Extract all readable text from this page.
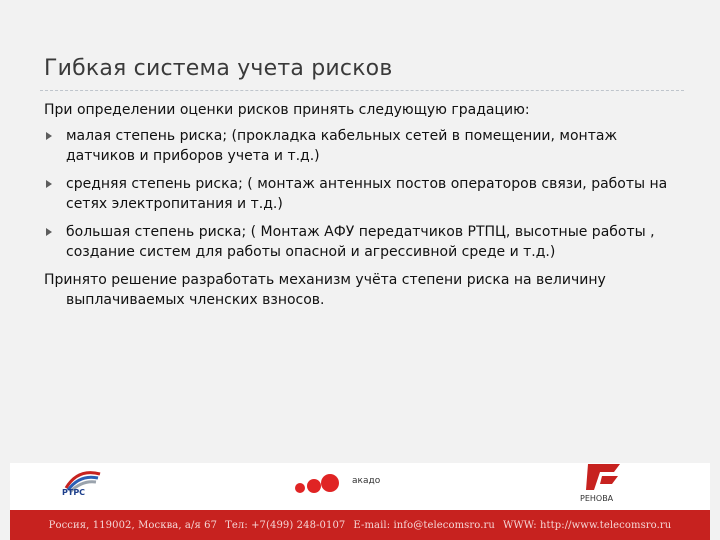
Гибкая система учета рисков
При определении оценки рисков принять следующую градацию:
малая степень риска; (прокладка кабельных сетей в помещении, монтаж датчиков и приборов учета и т.д.)
средняя степень риска; ( монтаж антенных постов операторов связи, работы на сетях электропитания и т.д.)
большая степень риска; ( Монтаж АФУ передатчиков РТПЦ, высотные работы , создание систем для работы опасной и агрессивной среде и т.д.)
Принято решение разработать механизм учёта степени риска на величину выплачиваемых членских взносов.
РТРС
акадо
РЕНОВА
Россия, 119002, Москва, а/я 67 Тел: +7(499) 248-0107 E-mail: info@telecomsro.ru WWW: http://www.telecomsro.ru
